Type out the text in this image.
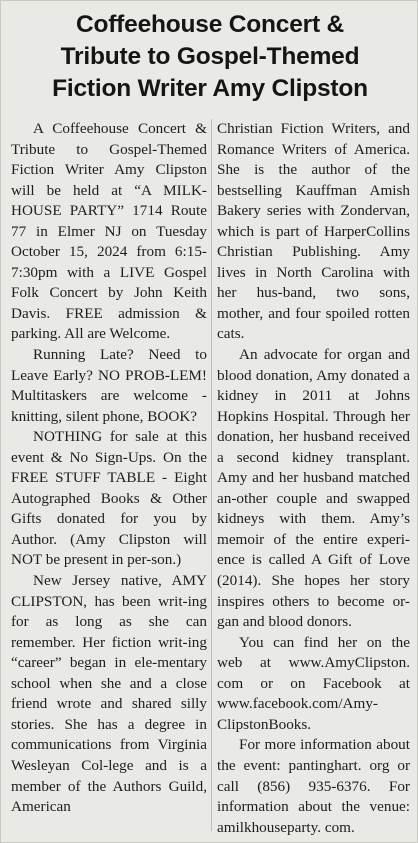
Coffeehouse Concert &
Tribute to Gospel-Themed
Fiction Writer Amy Clipston

A Coffeehouse Concert & Tribute to Gospel-Themed Fiction Writer Amy Clipston will be held at “A MILK-HOUSE PARTY” 1714 Route 77 in Elmer NJ on Tuesday October 15, 2024 from 6:15-7:30pm with a LIVE Gospel Folk Concert by John Keith Davis. FREE admission & parking. All are Welcome.

Running Late? Need to Leave Early? NO PROB-LEM! Multitaskers are welcome - knitting, silent phone, BOOK?

NOTHING for sale at this event & No Sign-Ups. On the FREE STUFF TABLE - Eight Autographed Books & Other Gifts donated for you by Author. (Amy Clipston will NOT be present in per-son.)

New Jersey native, AMY CLIPSTON, has been writ-ing for as long as she can remember. Her fiction writ-ing “career” began in ele-mentary school when she and a close friend wrote and shared silly stories. She has a degree in communications from Virginia Wesleyan Col-lege and is a member of the Authors Guild, American

Christian Fiction Writers, and Romance Writers of America. She is the author of the bestselling Kauffman Amish Bakery series with Zondervan, which is part of HarperCollins Christian Publishing. Amy lives in North Carolina with her hus-band, two sons, mother, and four spoiled rotten cats.

An advocate for organ and blood donation, Amy donated a kidney in 2011 at Johns Hopkins Hospital. Through her donation, her husband received a second kidney transplant. Amy and her husband matched an-other couple and swapped kidneys with them. Amy’s memoir of the entire experi-ence is called A Gift of Love (2014). She hopes her story inspires others to become or-gan and blood donors.

You can find her on the web at www.AmyClipston. com or on Facebook at www.facebook.com/Amy-ClipstonBooks.

For more information about the event: pantinghart. org or call (856) 935-6376. For information about the venue: amilkhouseparty. com.
